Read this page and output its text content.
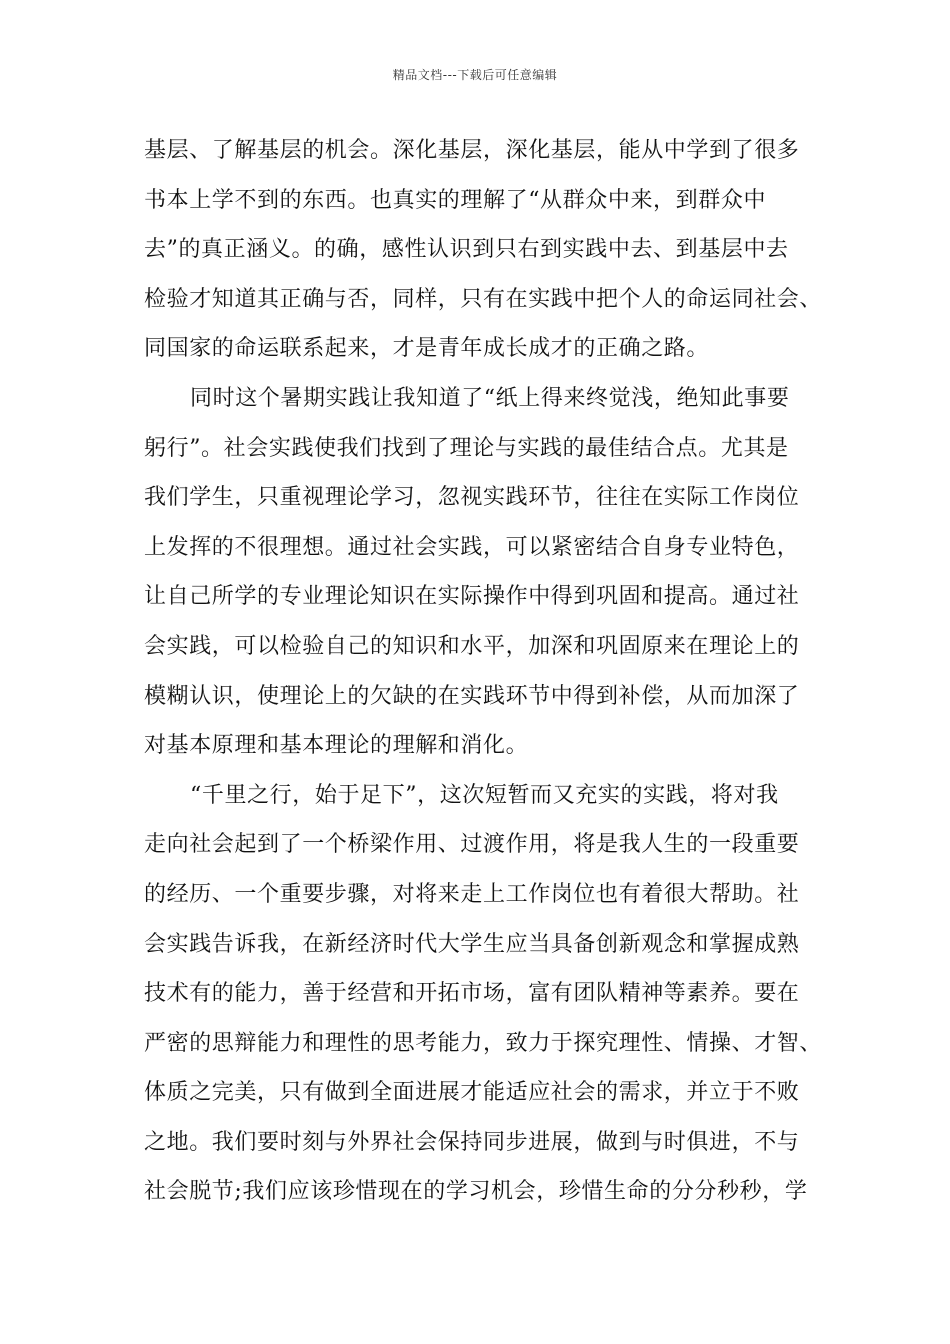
精品文档---下载后可任意编辑
基层、了解基层的机会。深化基层，深化基层，能从中学到了很多
书本上学不到的东西。也真实的理解了“从群众中来，到群众中
去”的真正涵义。的确，感性认识到只右到实践中去、到基层中去
检验才知道其正确与否，同样，只有在实践中把个人的命运同社会、
同国家的命运联系起来，才是青年成长成才的正确之路。
同时这个暑期实践让我知道了“纸上得来终觉浅，绝知此事要
躬行”。社会实践使我们找到了理论与实践的最佳结合点。尤其是
我们学生，只重视理论学习，忽视实践环节，往往在实际工作岗位
上发挥的不很理想。通过社会实践，可以紧密结合自身专业特色，
让自己所学的专业理论知识在实际操作中得到巩固和提高。通过社
会实践，可以检验自己的知识和水平，加深和巩固原来在理论上的
模糊认识，使理论上的欠缺的在实践环节中得到补偿，从而加深了
对基本原理和基本理论的理解和消化。
“千里之行，始于足下”，这次短暂而又充实的实践，将对我
走向社会起到了一个桥梁作用、过渡作用，将是我人生的一段重要
的经历、一个重要步骤，对将来走上工作岗位也有着很大帮助。社
会实践告诉我，在新经济时代大学生应当具备创新观念和掌握成熟
技术有的能力，善于经营和开拓市场，富有团队精神等素养。要在
严密的思辩能力和理性的思考能力，致力于探究理性、情操、才智、
体质之完美，只有做到全面进展才能适应社会的需求，并立于不败
之地。我们要时刻与外界社会保持同步进展，做到与时俱进，不与
社会脱节;我们应该珍惜现在的学习机会，珍惜生命的分分秒秒，学
